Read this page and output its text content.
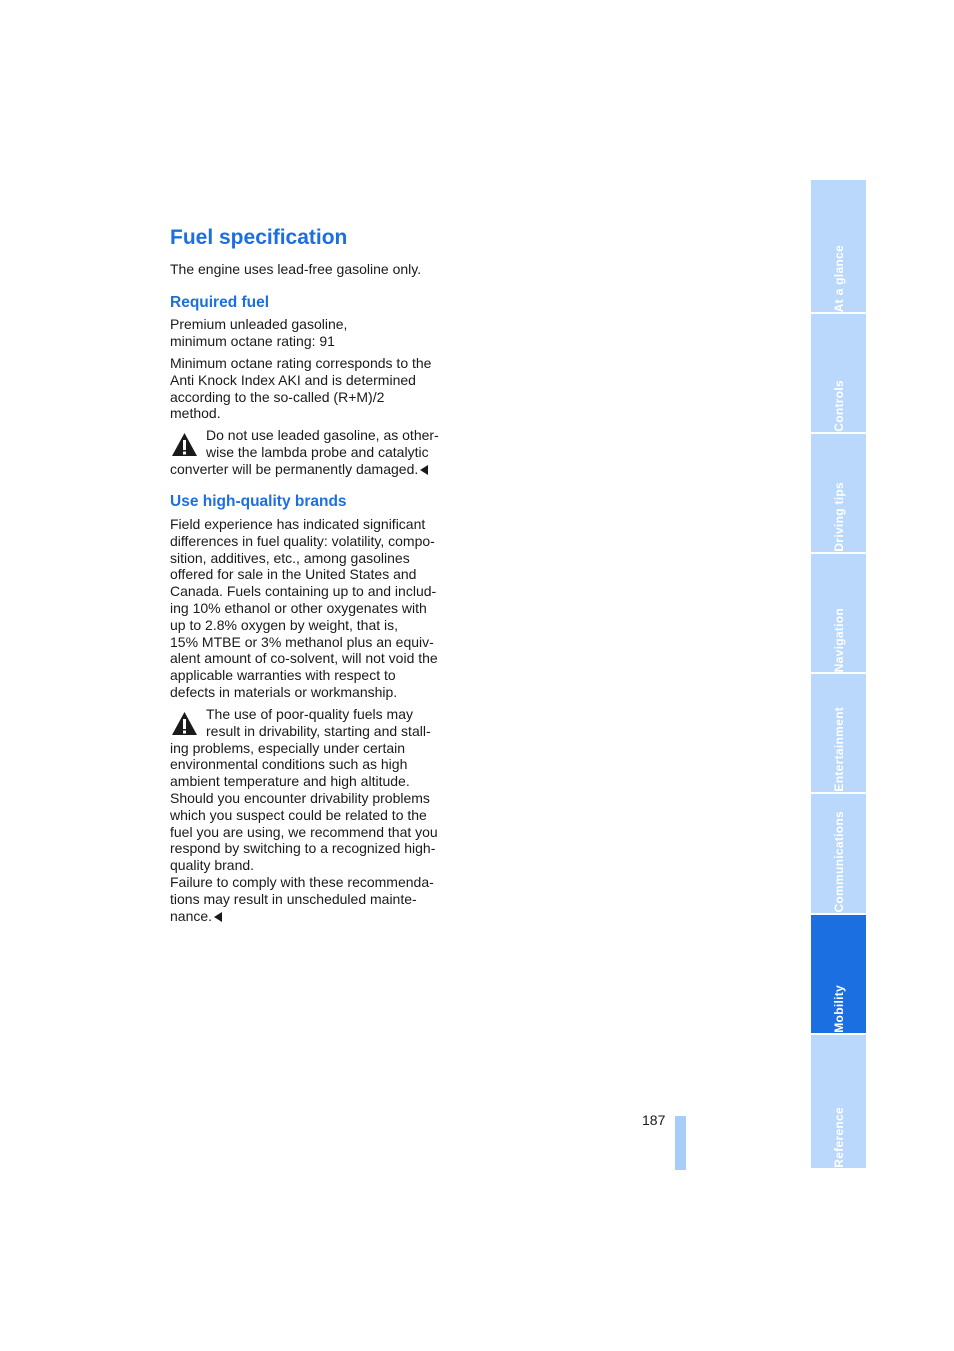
Fuel specification

The engine uses lead-free gasoline only.

Required fuel
Premium unleaded gasoline,
minimum octane rating: 91
Minimum octane rating corresponds to the
Anti Knock Index AKI and is determined
according to the so-called (R+M)/2
method.
Do not use leaded gasoline, as other-
wise the lambda probe and catalytic
converter will be permanently damaged.
Use high-quality brands
Field experience has indicated significant
differences in fuel quality: volatility, compo-
sition, additives, etc., among gasolines
offered for sale in the United States and
Canada. Fuels containing up to and includ-
ing 10% ethanol or other oxygenates with
up to 2.8% oxygen by weight, that is,
15% MTBE or 3% methanol plus an equiv-
alent amount of co-solvent, will not void the
applicable warranties with respect to
defects in materials or workmanship.
The use of poor-quality fuels may
result in drivability, starting and stall-
ing problems, especially under certain
environmental conditions such as high
ambient temperature and high altitude.
Should you encounter drivability problems
which you suspect could be related to the
fuel you are using, we recommend that you
respond by switching to a recognized high-
quality brand.
Failure to comply with these recommenda-
tions may result in unscheduled mainte-
nance.
187
At a glance
Controls
Driving tips
Navigation
Entertainment
Communications
Mobility
Reference
